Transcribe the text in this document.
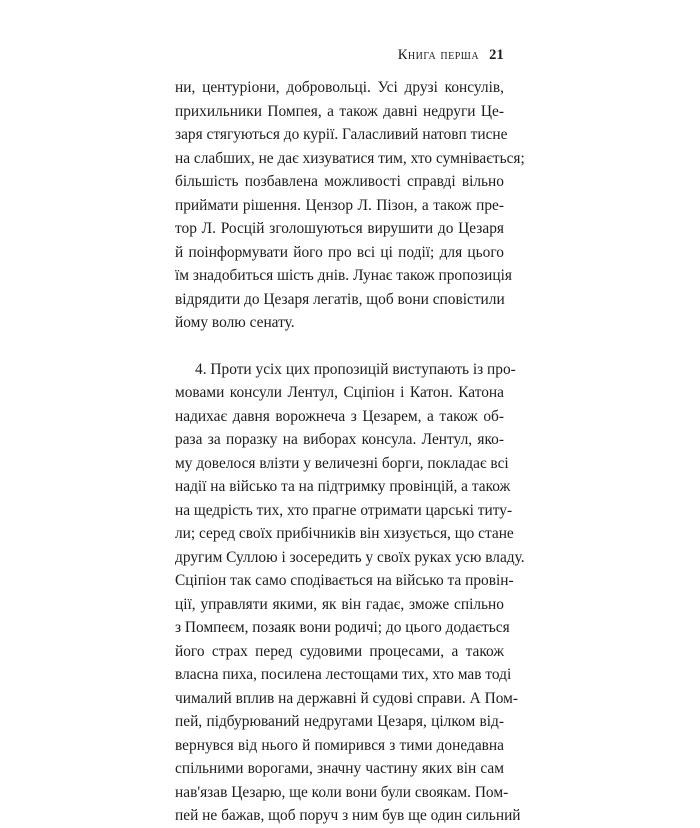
Книга перша 21
ни, центуріони, добровольці. Усі друзі консулів,
прихильники Помпея, а також давні недруги Це-
заря стягуються до курії. Галасливий натовп тисне
на слабших, не дає хизуватися тим, хто сумнівається;
більшість позбавлена можливості справді вільно
приймати рішення. Цензор Л. Пізон, а також пре-
тор Л. Росцій зголошуються вирушити до Цезаря
й поінформувати його про всі ці події; для цього
їм знадобиться шість днів. Лунає також пропозиція
відрядити до Цезаря легатів, щоб вони сповістили
йому волю сенату.
4. Проти усіх цих пропозицій виступають із про-
мовами консули Лентул, Сціпіон і Катон. Катона
надихає давня ворожнеча з Цезарем, а також об-
раза за поразку на виборах консула. Лентул, яко-
му довелося влізти у величезні борги, покладає всі
надії на військо та на підтримку провінцій, а також
на щедрість тих, хто прагне отримати царські титу-
ли; серед своїх прибічників він хизується, що стане
другим Суллою і зосередить у своїх руках усю владу.
Сціпіон так само сподівається на військо та провін-
ції, управляти якими, як він гадає, зможе спільно
з Помпеєм, позаяк вони родичі; до цього додається
його страх перед судовими процесами, а також
власна пиха, посилена лестощами тих, хто мав тоді
чималий вплив на державні й судові справи. А Пом-
пей, підбурюваний недругами Цезаря, цілком від-
вернувся від нього й помирився з тими донедавна
спільними ворогами, значну частину яких він сам
нав'язав Цезарю, ще коли вони були своякам. Пом-
пей не бажав, щоб поруч з ним був ще один сильний
